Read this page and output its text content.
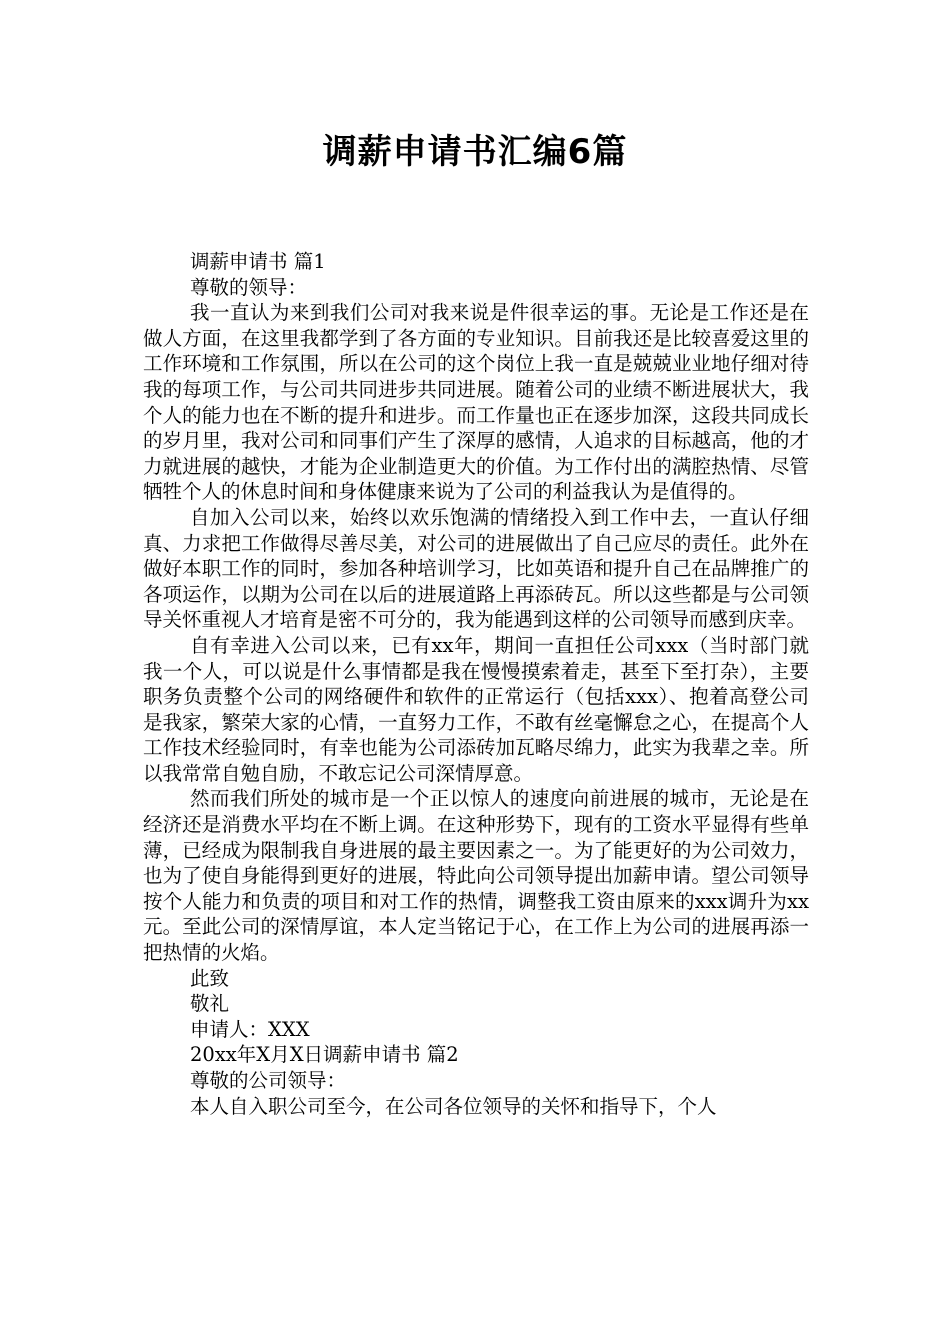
调薪申请书汇编6篇

调薪申请书 篇1

尊敬的领导：

我一直认为来到我们公司对我来说是件很幸运的事。无论是工作还是在做人方面，在这里我都学到了各方面的专业知识。目前我还是比较喜爱这里的工作环境和工作氛围，所以在公司的这个岗位上我一直是兢兢业业地仔细对待我的每项工作，与公司共同进步共同进展。随着公司的业绩不断进展状大，我个人的能力也在不断的提升和进步。而工作量也正在逐步加深，这段共同成长的岁月里，我对公司和同事们产生了深厚的感情，人追求的目标越高，他的才力就进展的越快，才能为企业制造更大的价值。为工作付出的满腔热情、尽管牺牲个人的休息时间和身体健康来说为了公司的利益我认为是值得的。

自加入公司以来，始终以欢乐饱满的情绪投入到工作中去，一直认仔细真、力求把工作做得尽善尽美，对公司的进展做出了自己应尽的责任。此外在做好本职工作的同时，参加各种培训学习，比如英语和提升自己在品牌推广的各项运作，以期为公司在以后的进展道路上再添砖瓦。所以这些都是与公司领导关怀重视人才培育是密不可分的，我为能遇到这样的公司领导而感到庆幸。

自有幸进入公司以来，已有xx年，期间一直担任公司xxx（当时部门就我一个人，可以说是什么事情都是我在慢慢摸索着走，甚至下至打杂），主要职务负责整个公司的网络硬件和软件的正常运行（包括xxx）、抱着高登公司是我家，繁荣大家的心情，一直努力工作，不敢有丝毫懈怠之心，在提高个人工作技术经验同时，有幸也能为公司添砖加瓦略尽绵力，此实为我辈之幸。所以我常常自勉自励，不敢忘记公司深情厚意。

然而我们所处的城市是一个正以惊人的速度向前进展的城市，无论是在经济还是消费水平均在不断上调。在这种形势下，现有的工资水平显得有些单薄，已经成为限制我自身进展的最主要因素之一。为了能更好的为公司效力，也为了使自身能得到更好的进展，特此向公司领导提出加薪申请。望公司领导按个人能力和负责的项目和对工作的热情，调整我工资由原来的xxx调升为xx元。至此公司的深情厚谊，本人定当铭记于心，在工作上为公司的进展再添一把热情的火焰。

此致

敬礼

申请人：XXX

20xx年X月X日调薪申请书 篇2

尊敬的公司领导：

本人自入职公司至今，在公司各位领导的关怀和指导下，个人
